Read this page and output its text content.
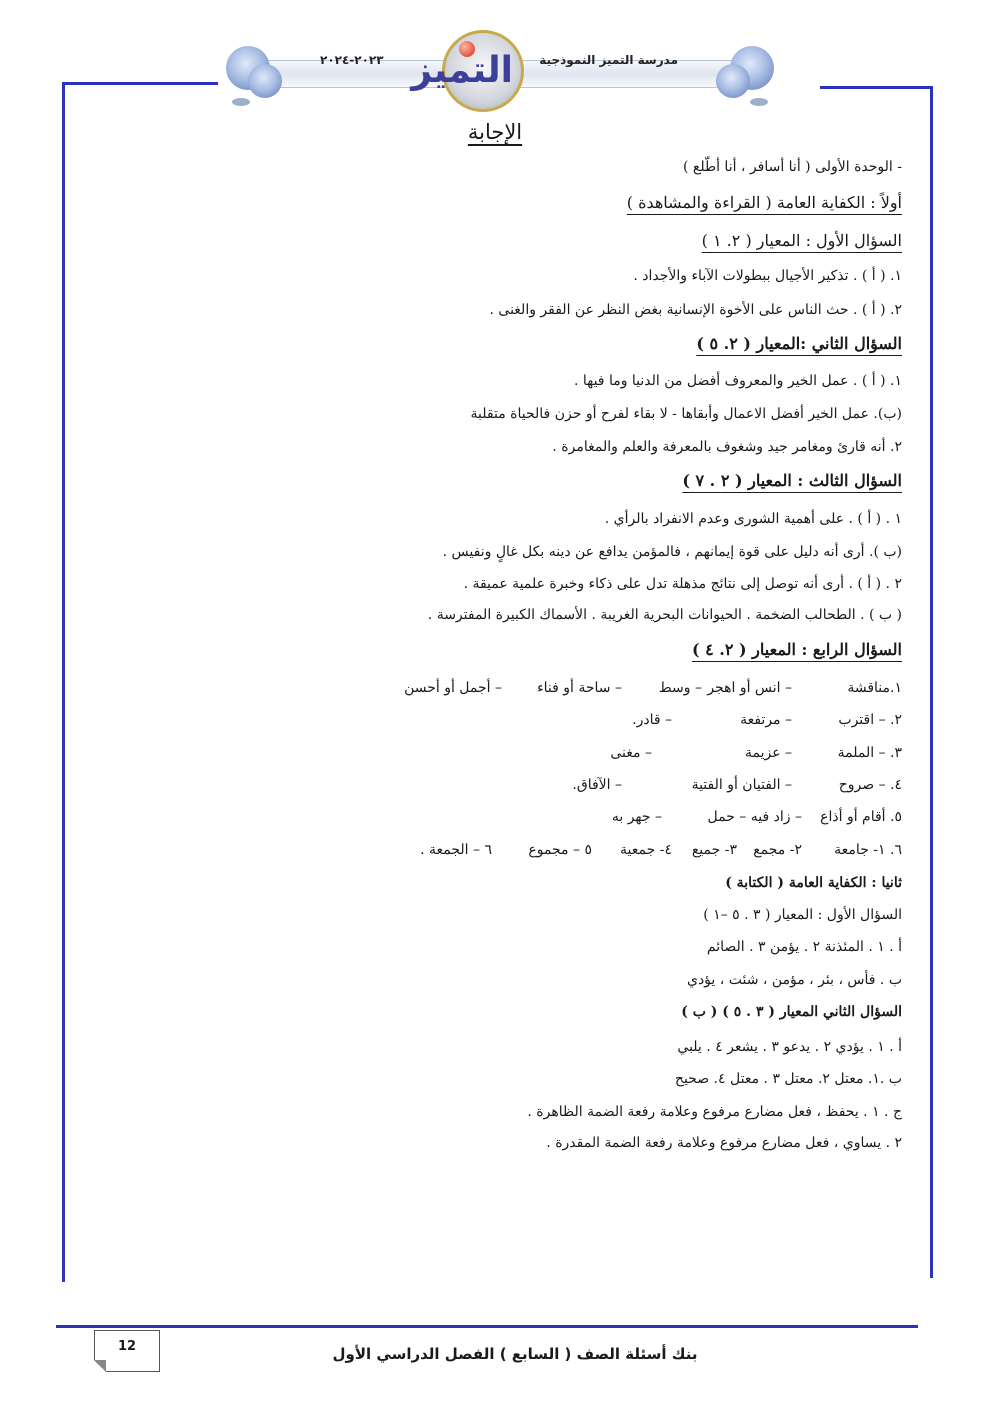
مدرسة التميز النموذجية
٢٠٢٣-٢٠٢٤ التميز
الإجابة
- الوحدة الأولى ( أنا أسافر ، أنا أطّلع )
أولاً : الكفاية العامة ( القراءة والمشاهدة )
السؤال الأول : المعيار ( ٢. ١ )
١. ( أ ) . تذكير الأجيال ببطولات الآباء والأجداد .
٢. ( أ ) . حث الناس على الأخوة الإنسانية بغض النظر عن الفقر والغنى .
السؤال الثاني :المعيار ( ٢. ٥ )
١. ( أ ) . عمل الخير والمعروف أفضل من الدنيا وما فيها .
(ب). عمل الخير أفضل الاعمال وأبقاها - لا بقاء لفرح أو حزن فالحياة متقلبة
٢. أنه قارئ ومغامر جيد وشغوف بالمعرفة والعلم والمغامرة .
السؤال الثالث : المعيار ( ٢ . ٧ )
١ . ( أ ) . على أهمية الشورى وعدم الانفراد بالرأي .
(ب ). أرى أنه دليل على قوة إيمانهم ، فالمؤمن يدافع عن دينه بكل غالٍ ونفيس .
٢ . ( أ ) . أرى أنه توصل إلى نتائج مذهلة تدل على ذكاء وخبرة علمية عميقة .
( ب ) . الطحالب الضخمة . الحيوانات البحرية الغريبة . الأسماك الكبيرة المفترسة .
السؤال الرابع : المعيار ( ٢. ٤ )
١.مناقشة
– انس أو اهجر
– وسط
– ساحة أو فناء
– أجمل أو أحسن
٢. – اقترب
– مرتفعة
– قادر.
٣. – الملمة
– عزيمة
– مغنى
٤. – صروح
– الفتيان أو الفتية
– الآفاق.
٥. أقام أو أذاع
– زاد فيه – حمل
– جهر به
٦. ١- جامعة
٢- مجمع
٣- جميع
٤- جمعية
٥ – مجموع
٦ – الجمعة .
ثانيا : الكفاية العامة ( الكتابة )
السؤال الأول : المعيار ( ٣ . ٥ –١ )
أ . ١ . المئذنة ٢ . يؤمن ٣ . الصائم
ب . فأس ، بئر ، مؤمن ، شئت ، يؤدي
السؤال الثاني المعيار ( ٣ . ٥ ) ( ب )
أ . ١ . يؤدي ٢ . يدعو ٣ . يشعر ٤ . يلبي
ب .١. معتل ٢. معتل ٣ . معتل ٤. صحيح
ج . ١ . يحفظ ، فعل مضارع مرفوع وعلامة رفعة الضمة الظاهرة .
٢ . يساوي ، فعل مضارع مرفوع وعلامة رفعة الضمة المقدرة .
بنك أسئلة الصف ( السابع ) الفصل الدراسي الأول
12
